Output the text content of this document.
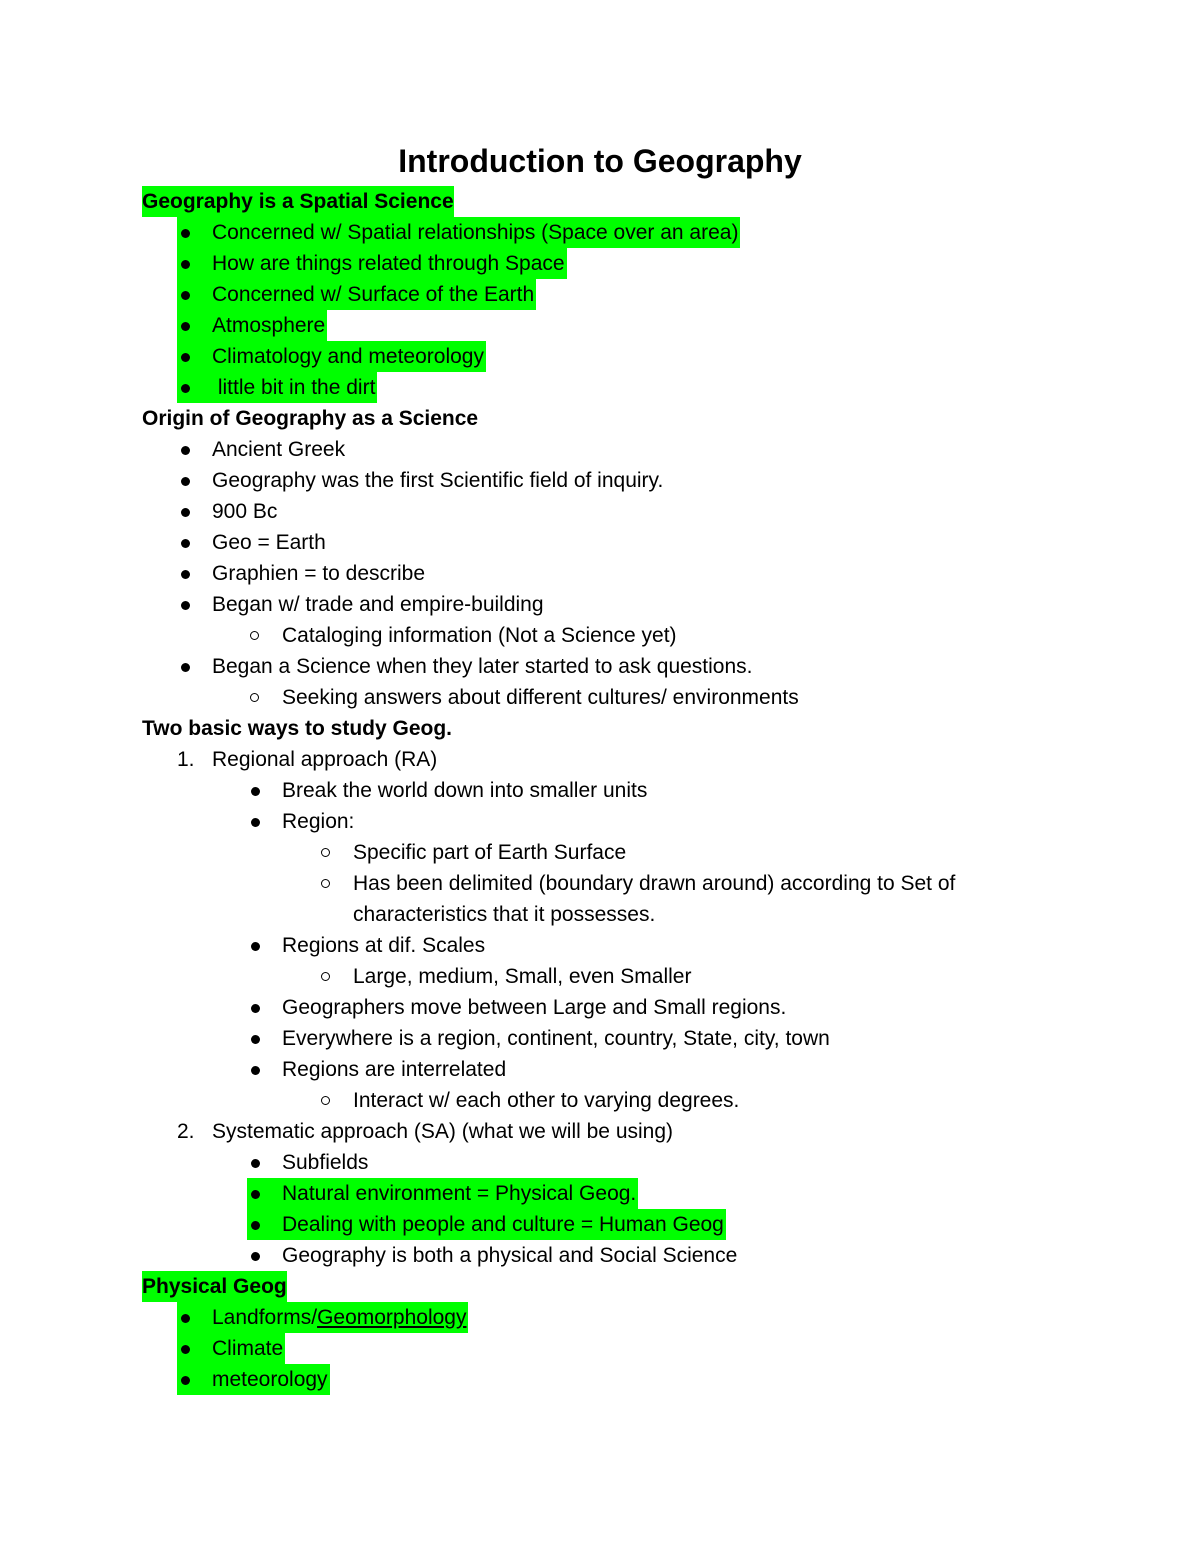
Introduction to Geography
Geography is a Spatial Science
Concerned w/ Spatial relationships (Space over an area)
How are things related through Space
Concerned w/ Surface of the Earth
Atmosphere
Climatology and meteorology
little bit in the dirt
Origin of Geography as a Science
Ancient Greek
Geography was the first Scientific field of inquiry.
900 Bc
Geo = Earth
Graphien = to describe
Began w/ trade and empire-building
Cataloging information (Not a Science yet)
Began a Science when they later started to ask questions.
Seeking answers about different cultures/ environments
Two basic ways to study Geog.
1. Regional approach (RA)
Break the world down into smaller units
Region:
Specific part of Earth Surface
Has been delimited (boundary drawn around) according to Set of
characteristics that it possesses.
Regions at dif. Scales
Large, medium, Small, even Smaller
Geographers move between Large and Small regions.
Everywhere is a region, continent, country, State, city, town
Regions are interrelated
Interact w/ each other to varying degrees.
2. Systematic approach (SA) (what we will be using)
Subfields
Natural environment = Physical Geog.
Dealing with people and culture = Human Geog
Geography is both a physical and Social Science
Physical Geog
Landforms/ Geomorphology
Climate
meteorology
